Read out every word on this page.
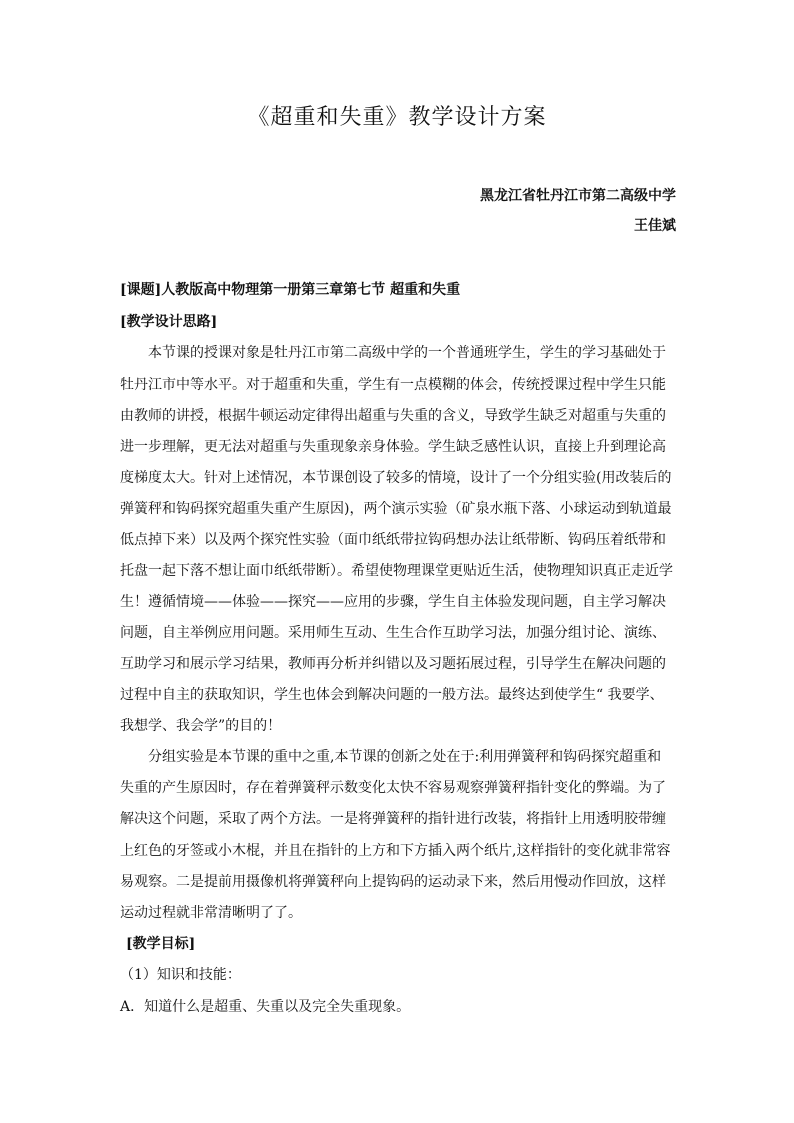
《超重和失重》教学设计方案
黑龙江省牡丹江市第二高级中学
王佳斌
[课题]人教版高中物理第一册第三章第七节 超重和失重
[教学设计思路]
本节课的授课对象是牡丹江市第二高级中学的一个普通班学生，学生的学习基础处于
牡丹江市中等水平。对于超重和失重，学生有一点模糊的体会，传统授课过程中学生只能
由教师的讲授，根据牛顿运动定律得出超重与失重的含义，导致学生缺乏对超重与失重的
进一步理解，更无法对超重与失重现象亲身体验。学生缺乏感性认识，直接上升到理论高
度梯度太大。针对上述情况，本节课创设了较多的情境，设计了一个分组实验(用改装后的
弹簧秤和钩码探究超重失重产生原因)，两个演示实验（矿泉水瓶下落、小球运动到轨道最
低点掉下来）以及两个探究性实验（面巾纸纸带拉钩码想办法让纸带断、钩码压着纸带和
托盘一起下落不想让面巾纸纸带断）。希望使物理课堂更贴近生活，使物理知识真正走近学
生！遵循情境——体验——探究——应用的步骤，学生自主体验发现问题，自主学习解决
问题，自主举例应用问题。采用师生互动、生生合作互助学习法，加强分组讨论、演练、
互助学习和展示学习结果，教师再分析并纠错以及习题拓展过程，引导学生在解决问题的
过程中自主的获取知识，学生也体会到解决问题的一般方法。最终达到使学生“ 我要学、
我想学、我会学”的目的！
分组实验是本节课的重中之重,本节课的创新之处在于:利用弹簧秤和钩码探究超重和
失重的产生原因时，存在着弹簧秤示数变化太快不容易观察弹簧秤指针变化的弊端。为了
解决这个问题，采取了两个方法。一是将弹簧秤的指针进行改装，将指针上用透明胶带缠
上红色的牙签或小木棍，并且在指针的上方和下方插入两个纸片,这样指针的变化就非常容
易观察。二是提前用摄像机将弹簧秤向上提钩码的运动录下来，然后用慢动作回放，这样
运动过程就非常清晰明了了。
[教学目标]
（1）知识和技能：
A．知道什么是超重、失重以及完全失重现象。
